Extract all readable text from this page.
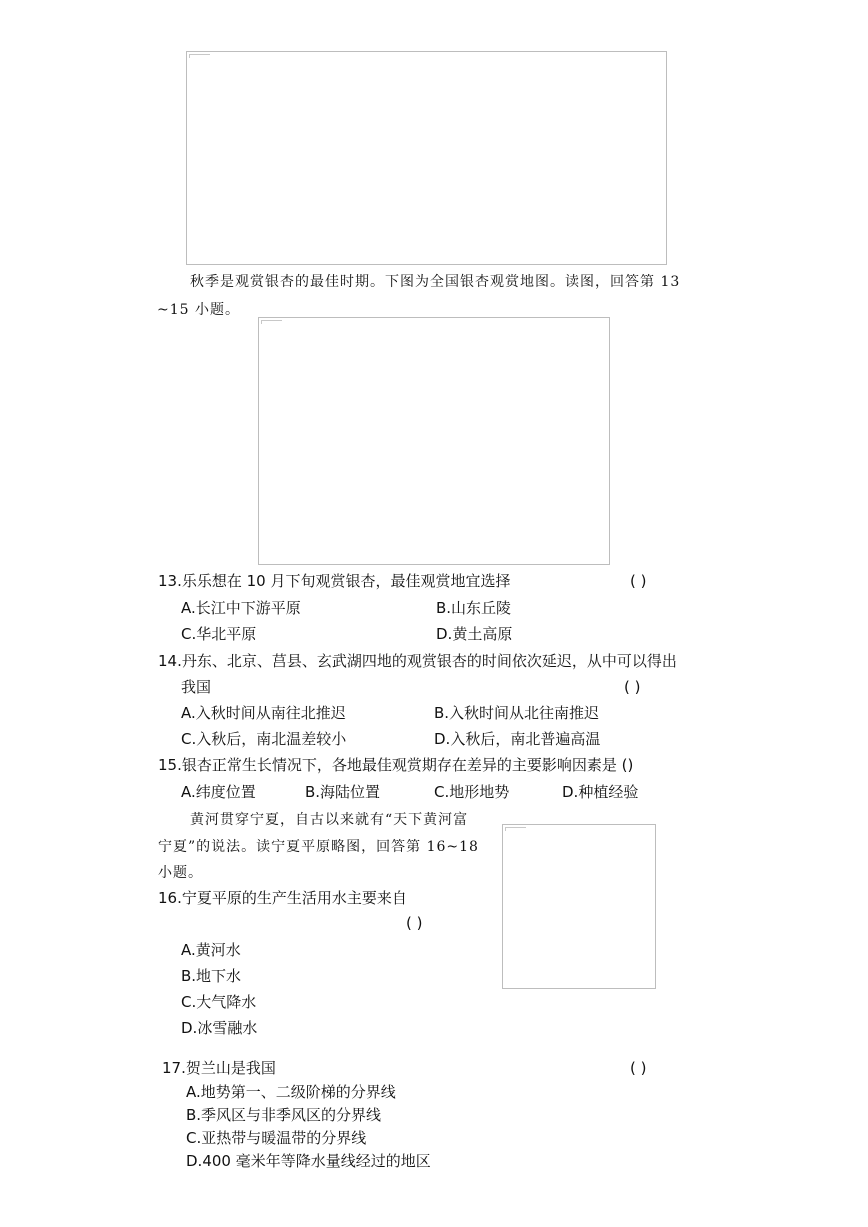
秋季是观赏银杏的最佳时期。下图为全国银杏观赏地图。读图，回答第 13
~15 小题。
13.乐乐想在 10 月下旬观赏银杏，最佳观赏地宜选择	( )
A.长江中下游平原	B.山东丘陵
C.华北平原	D.黄土高原
14.丹东、北京、莒县、玄武湖四地的观赏银杏的时间依次延迟，从中可以得出
我国	( )
A.入秋时间从南往北推迟	B.入秋时间从北往南推迟
C.入秋后，南北温差较小	D.入秋后，南北普遍高温
15.银杏正常生长情况下，各地最佳观赏期存在差异的主要影响因素是 ()
A.纬度位置	B.海陆位置	C.地形地势	D.种植经验
黄河贯穿宁夏，自古以来就有“天下黄河富
宁夏”的说法。读宁夏平原略图，回答第 16~18
小题。
16.宁夏平原的生产生活用水主要来自
( )
A.黄河水
B.地下水
C.大气降水
D.冰雪融水
17.贺兰山是我国	( )
A.地势第一、二级阶梯的分界线
B.季风区与非季风区的分界线
C.亚热带与暖温带的分界线
D.400 毫米年等降水量线经过的地区
